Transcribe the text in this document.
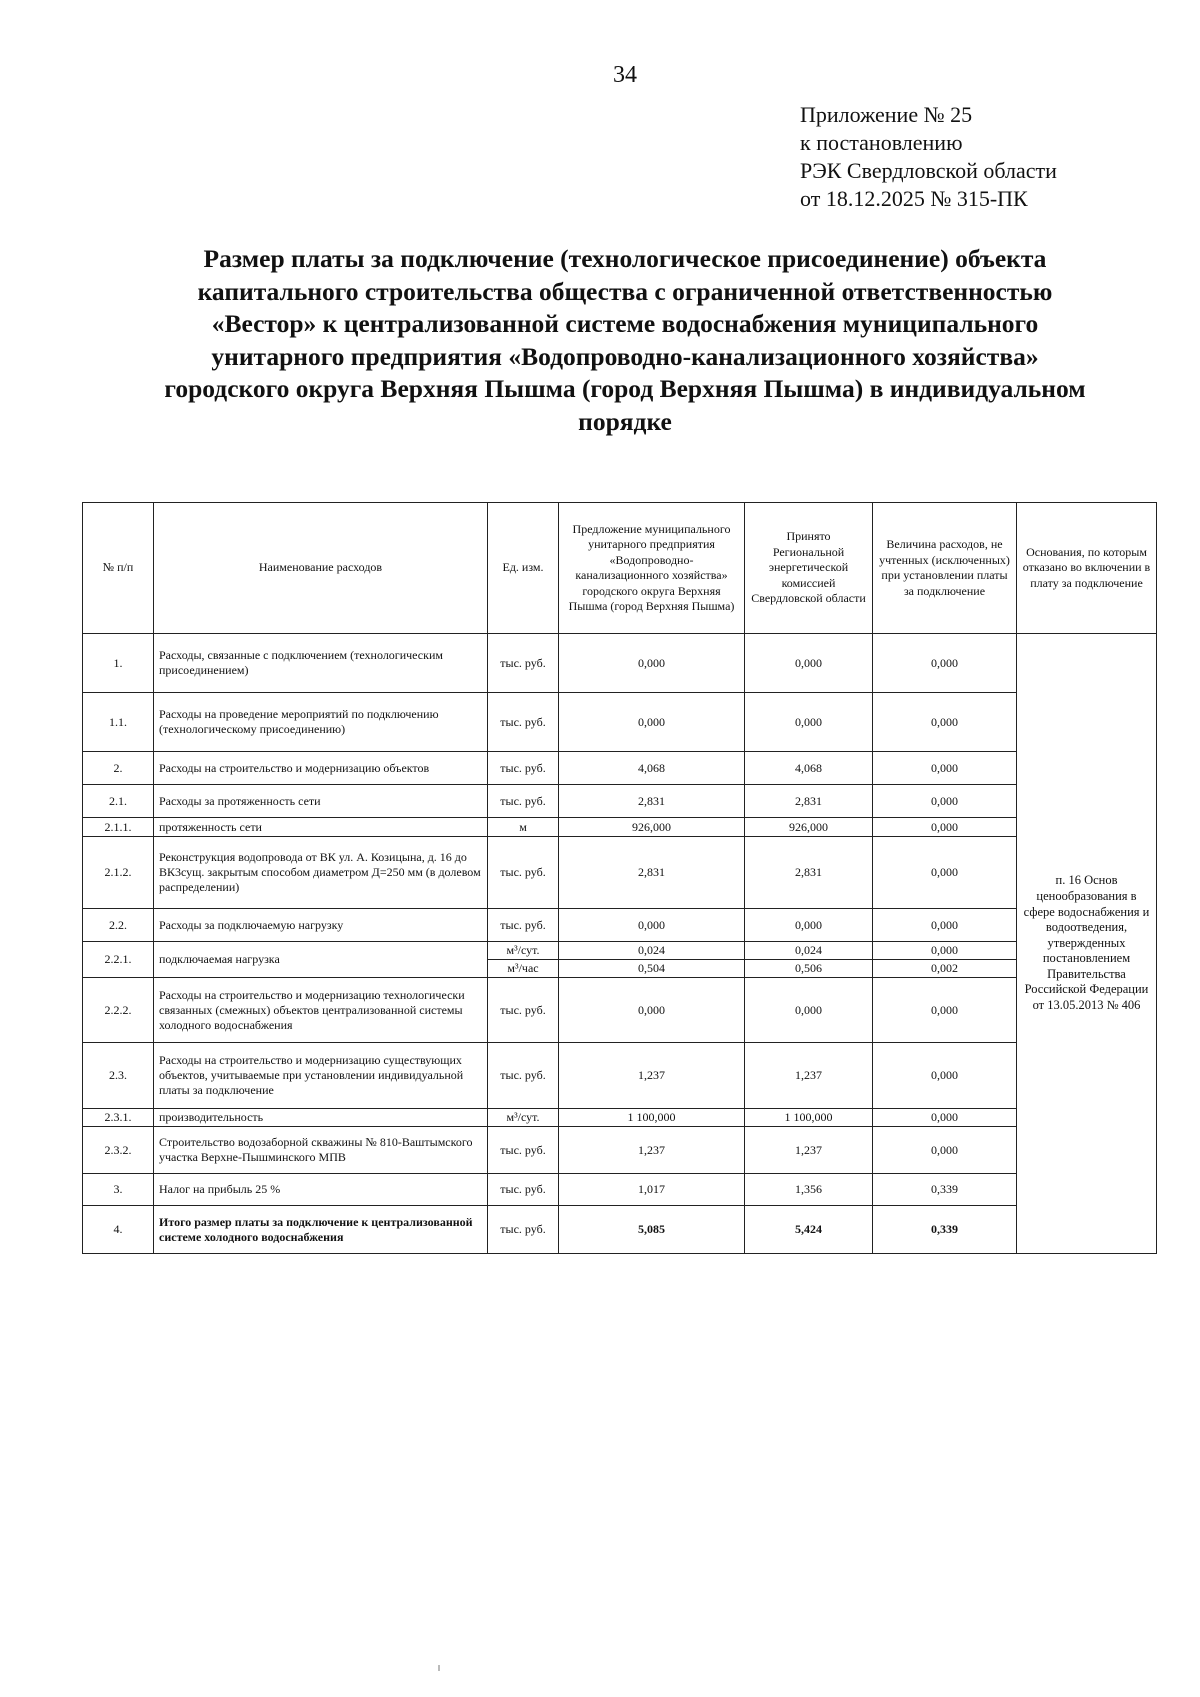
34
Приложение № 25
к постановлению
РЭК Свердловской области
от 18.12.2025 № 315-ПК
Размер платы за подключение (технологическое присоединение) объекта
капитального строительства общества с ограниченной ответственностью
«Вестор» к централизованной системе водоснабжения муниципального
унитарного предприятия «Водопроводно-канализационного хозяйства»
городского округа Верхняя Пышма (город Верхняя Пышма) в индивидуальном
порядке
№ п/п	Наименование расходов	Ед. изм.	Предложение муниципального унитарного предприятия «Водопроводно-канализационного хозяйства» городского округа Верхняя Пышма (город Верхняя Пышма)	Принято Региональной энергетической комиссией Свердловской области	Величина расходов, не учтенных (исключенных) при установлении платы за подключение	Основания, по которым отказано во включении в плату за подключение
1.	Расходы, связанные с подключением (технологическим присоединением)	тыс. руб.	0,000	0,000	0,000	п. 16 Основ ценообразования в сфере водоснабжения и водоотведения, утвержденных постановлением Правительства Российской Федерации от 13.05.2013 № 406
1.1.	Расходы на проведение мероприятий по подключению (технологическому присоединению)	тыс. руб.	0,000	0,000	0,000	
2.	Расходы на строительство и модернизацию объектов	тыс. руб.	4,068	4,068	0,000	
2.1.	Расходы за протяженность сети	тыс. руб.	2,831	2,831	0,000	
2.1.1.	протяженность сети	м	926,000	926,000	0,000	
2.1.2.	Реконструкция водопровода от ВК ул. А. Козицына, д. 16 до ВК3сущ. закрытым способом диаметром Д=250 мм (в долевом распределении)	тыс. руб.	2,831	2,831	0,000	
2.2.	Расходы за подключаемую нагрузку	тыс. руб.	0,000	0,000	0,000	
2.2.1.	подключаемая нагрузка	м³/сут.	0,024	0,024	0,000	
		м³/час	0,504	0,506	0,002	
2.2.2.	Расходы на строительство и модернизацию технологически связанных (смежных) объектов централизованной системы холодного водоснабжения	тыс. руб.	0,000	0,000	0,000	
2.3.	Расходы на строительство и модернизацию существующих объектов, учитываемые при установлении индивидуальной платы за подключение	тыс. руб.	1,237	1,237	0,000	
2.3.1.	производительность	м³/сут.	1 100,000	1 100,000	0,000	
2.3.2.	Строительство водозаборной скважины № 810-Ваштымского участка Верхне-Пышминского МПВ	тыс. руб.	1,237	1,237	0,000	
3.	Налог на прибыль 25 %	тыс. руб.	1,017	1,356	0,339	
4.	Итого размер платы за подключение к централизованной системе холодного водоснабжения	тыс. руб.	5,085	5,424	0,339	
